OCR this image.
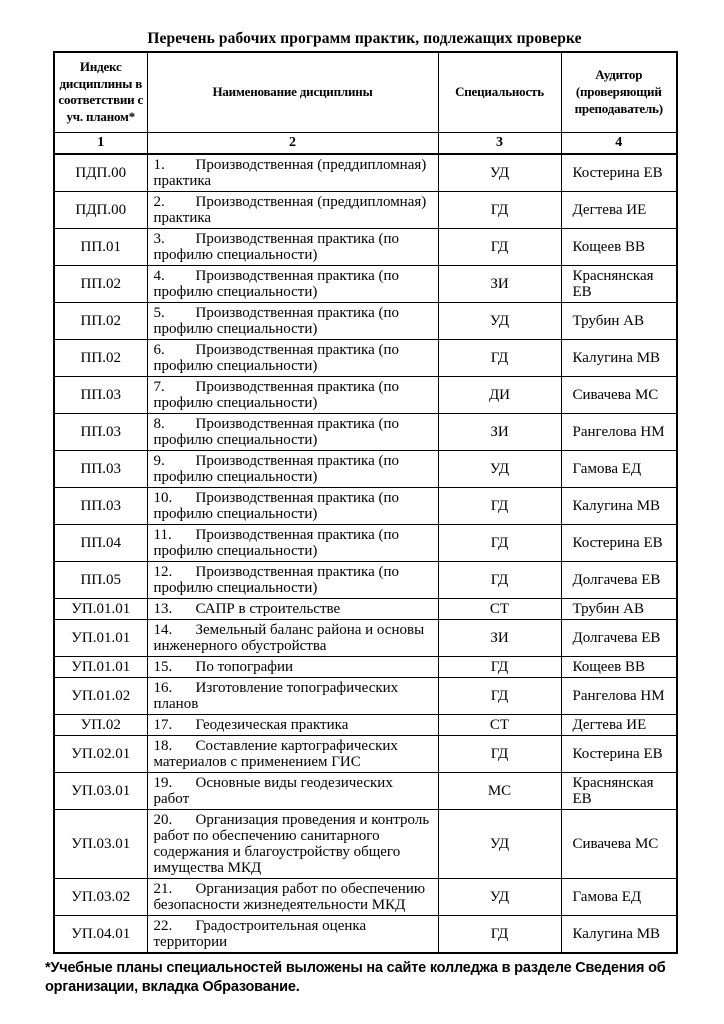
Перечень рабочих программ практик, подлежащих проверке
Индекс дисциплины в соответствии с уч. планом*	Наименование дисциплины	Специальность	Аудитор (проверяющий преподаватель)
1	2	3	4
ПДП.00	1. Производственная (преддипломная) практика	УД	Костерина ЕВ
ПДП.00	2. Производственная (преддипломная) практика	ГД	Дегтева ИЕ
ПП.01	3. Производственная практика (по профилю специальности)	ГД	Кощеев ВВ
ПП.02	4. Производственная практика (по профилю специальности)	ЗИ	Краснянская ЕВ
ПП.02	5. Производственная практика (по профилю специальности)	УД	Трубин АВ
ПП.02	6. Производственная практика (по профилю специальности)	ГД	Калугина МВ
ПП.03	7. Производственная практика (по профилю специальности)	ДИ	Сивачева МС
ПП.03	8. Производственная практика (по профилю специальности)	ЗИ	Рангелова НМ
ПП.03	9. Производственная практика (по профилю специальности)	УД	Гамова ЕД
ПП.03	10. Производственная практика (по профилю специальности)	ГД	Калугина МВ
ПП.04	11. Производственная практика (по профилю специальности)	ГД	Костерина ЕВ
ПП.05	12. Производственная практика (по профилю специальности)	ГД	Долгачева ЕВ
УП.01.01	13. САПР в строительстве	СТ	Трубин АВ
УП.01.01	14. Земельный баланс района и основы инженерного обустройства	ЗИ	Долгачева ЕВ
УП.01.01	15. По топографии	ГД	Кощеев ВВ
УП.01.02	16. Изготовление топографических планов	ГД	Рангелова НМ
УП.02	17. Геодезическая практика	СТ	Дегтева ИЕ
УП.02.01	18. Составление картографических материалов с применением ГИС	ГД	Костерина ЕВ
УП.03.01	19. Основные виды геодезических работ	МС	Краснянская ЕВ
УП.03.01	20. Организация проведения и контроль работ по обеспечению санитарного содержания и благоустройству общего имущества МКД	УД	Сивачева МС
УП.03.02	21. Организация работ по обеспечению безопасности жизнедеятельности МКД	УД	Гамова ЕД
УП.04.01	22. Градостроительная оценка территории	ГД	Калугина МВ

*Учебные планы специальностей выложены на сайте колледжа в разделе Сведения об организации, вкладка Образование.
